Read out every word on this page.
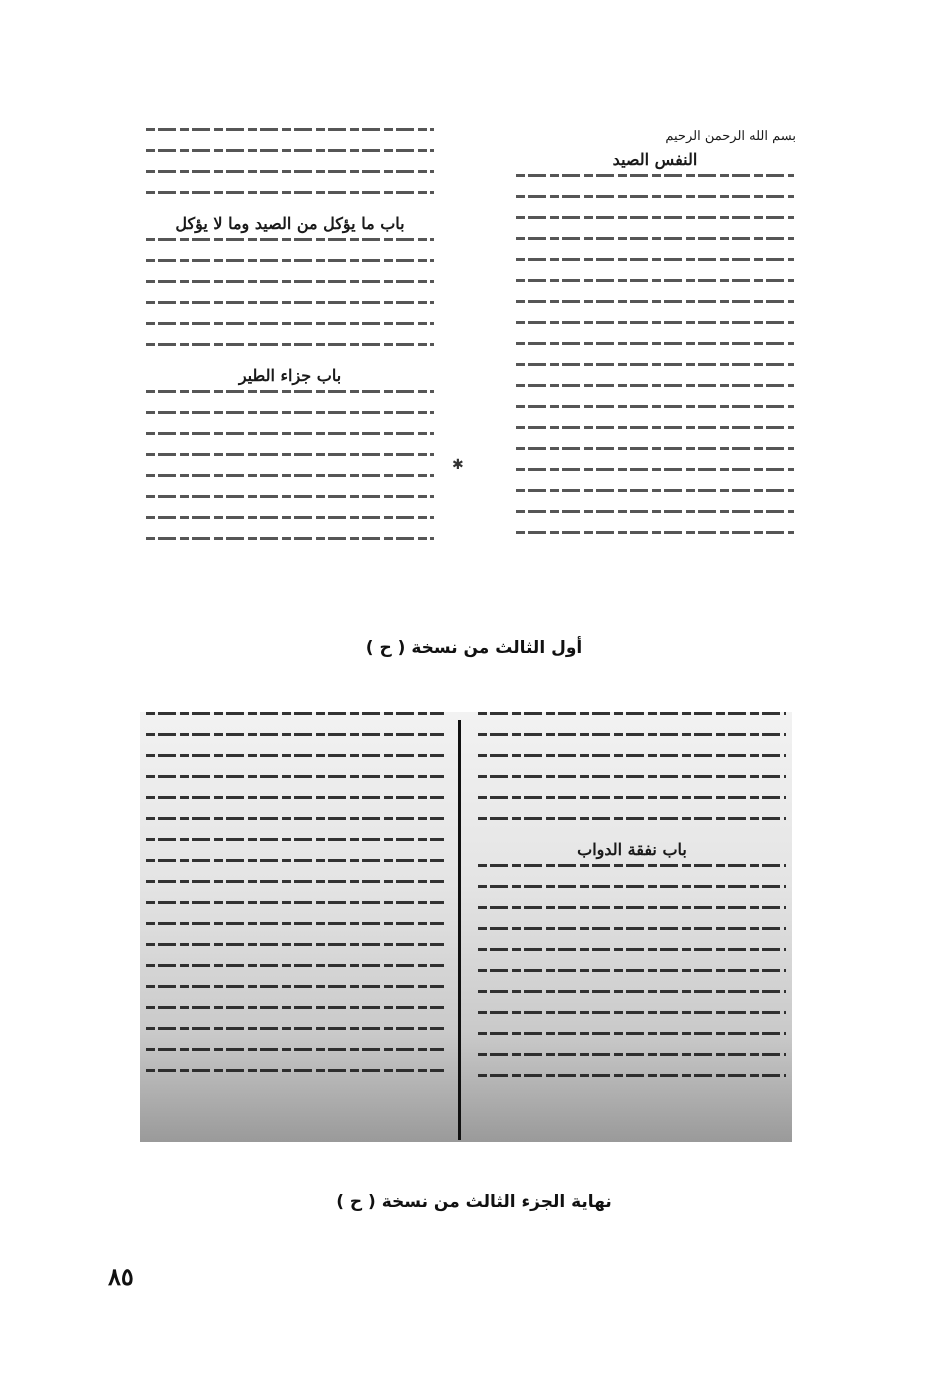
بسم الله الرحمن الرحيم
النفس الصيد
باب ما يؤكل من الصيد وما لا يؤكل
باب جزاء الطير
✱
أول الثالث من نسخة ( ح )
باب نفقة الدواب
نهاية الجزء الثالث من نسخة ( ح )
٨٥
